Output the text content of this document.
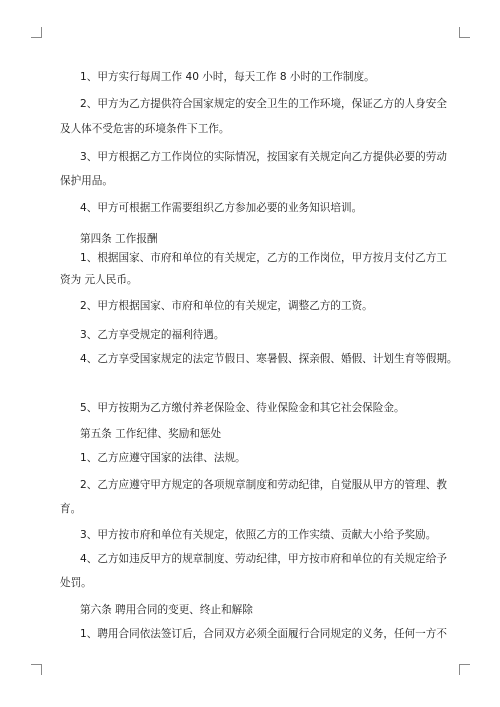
1、甲方实行每周工作 40 小时，每天工作 8 小时的工作制度。
2、甲方为乙方提供符合国家规定的安全卫生的工作环境，保证乙方的人身安全
及人体不受危害的环境条件下工作。
3、甲方根据乙方工作岗位的实际情况，按国家有关规定向乙方提供必要的劳动
保护用品。
4、甲方可根据工作需要组织乙方参加必要的业务知识培训。
第四条 工作报酬
1、根据国家、市府和单位的有关规定，乙方的工作岗位，甲方按月支付乙方工
资为 元人民币。
2、甲方根据国家、市府和单位的有关规定，调整乙方的工资。
3、乙方享受规定的福利待遇。
4、乙方享受国家规定的法定节假日、寒暑假、探亲假、婚假、计划生育等假期。
5、甲方按期为乙方缴付养老保险金、待业保险金和其它社会保险金。
第五条 工作纪律、奖励和惩处
1、乙方应遵守国家的法律、法规。
2、乙方应遵守甲方规定的各项规章制度和劳动纪律，自觉服从甲方的管理、教
育。
3、甲方按市府和单位有关规定，依照乙方的工作实绩、贡献大小给予奖励。
4、乙方如违反甲方的规章制度、劳动纪律，甲方按市府和单位的有关规定给予
处罚。
第六条 聘用合同的变更、终止和解除
1、聘用合同依法签订后，合同双方必须全面履行合同规定的义务，任何一方不
